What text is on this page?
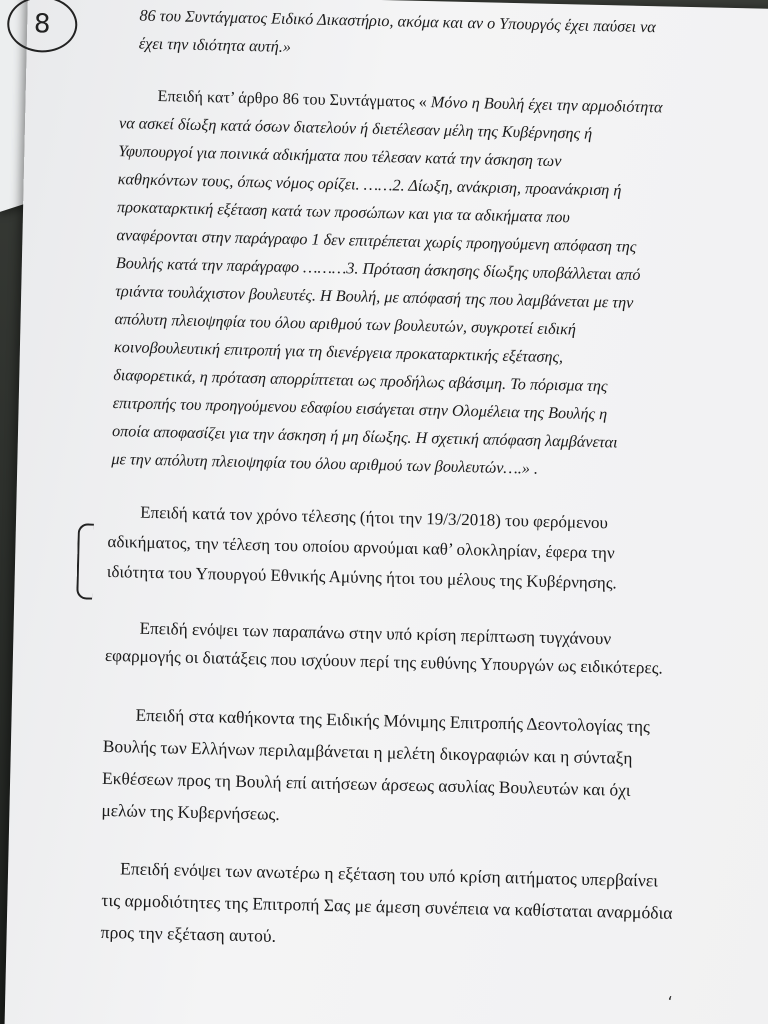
8	86 του Συντάγματος Ειδικό Δικαστήριο, ακόμα και αν ο Υπουργός έχει παύσει να
έχει την ιδιότητα αυτή.»
Επειδή κατ’ άρθρο 86 του Συντάγματος « Μόνο η Βουλή έχει την αρμοδιότητα
να ασκεί δίωξη κατά όσων διατελούν ή διετέλεσαν μέλη της Κυβέρνησης ή
Υφυπουργοί για ποινικά αδικήματα που τέλεσαν κατά την άσκηση των
καθηκόντων τους, όπως νόμος ορίζει. ……2. Δίωξη, ανάκριση, προανάκριση ή
προκαταρκτική εξέταση κατά των προσώπων και για τα αδικήματα που
αναφέρονται στην παράγραφο 1 δεν επιτρέπεται χωρίς προηγούμενη απόφαση της
Βουλής κατά την παράγραφο ………3. Πρόταση άσκησης δίωξης υποβάλλεται από
τριάντα τουλάχιστον βουλευτές. Η Βουλή, με απόφασή της που λαμβάνεται με την
απόλυτη πλειοψηφία του όλου αριθμού των βουλευτών, συγκροτεί ειδική
κοινοβουλευτική επιτροπή για τη διενέργεια προκαταρκτικής εξέτασης,
διαφορετικά, η πρόταση απορρίπτεται ως προδήλως αβάσιμη. Το πόρισμα της
επιτροπής του προηγούμενου εδαφίου εισάγεται στην Ολομέλεια της Βουλής η
οποία αποφασίζει για την άσκηση ή μη δίωξης. Η σχετική απόφαση λαμβάνεται
με την απόλυτη πλειοψηφία του όλου αριθμού των βουλευτών….» .
Επειδή κατά τον χρόνο τέλεσης (ήτοι την 19/3/2018) του φερόμενου
αδικήματος, την τέλεση του οποίου αρνούμαι καθ’ ολοκληρίαν, έφερα την
ιδιότητα του Υπουργού Εθνικής Αμύνης ήτοι του μέλους της Κυβέρνησης.
Επειδή ενόψει των παραπάνω στην υπό κρίση περίπτωση τυγχάνουν
εφαρμογής οι διατάξεις που ισχύουν περί της ευθύνης Υπουργών ως ειδικότερες.
Επειδή στα καθήκοντα της Ειδικής Μόνιμης Επιτροπής Δεοντολογίας της
Βουλής των Ελλήνων περιλαμβάνεται η μελέτη δικογραφιών και η σύνταξη
Εκθέσεων προς τη Βουλή επί αιτήσεων άρσεως ασυλίας Βουλευτών και όχι
μελών της Κυβερνήσεως.
Επειδή ενόψει των ανωτέρω η εξέταση του υπό κρίση αιτήματος υπερβαίνει
τις αρμοδιότητες της Επιτροπή Σας με άμεση συνέπεια να καθίσταται αναρμόδια
προς την εξέταση αυτού.
،
